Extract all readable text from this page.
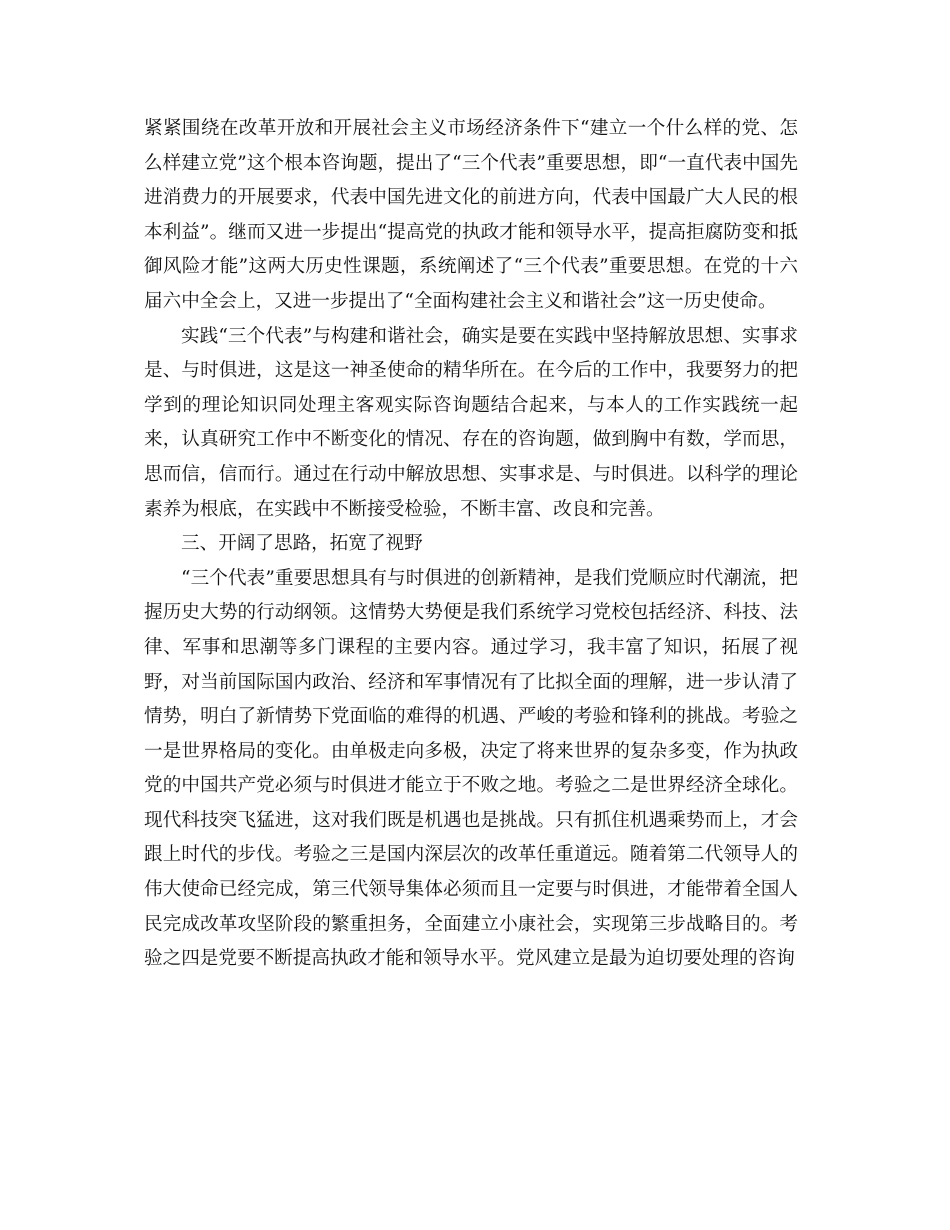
紧紧围绕在改革开放和开展社会主义市场经济条件下“建立一个什么样的党、怎么样建立党”这个根本咨询题，提出了“三个代表”重要思想，即“一直代表中国先进消费力的开展要求，代表中国先进文化的前进方向，代表中国最广大人民的根本利益”。继而又进一步提出“提高党的执政才能和领导水平，提高拒腐防变和抵御风险才能”这两大历史性课题，系统阐述了“三个代表”重要思想。在党的十六届六中全会上，又进一步提出了“全面构建社会主义和谐社会”这一历史使命。

实践“三个代表”与构建和谐社会，确实是要在实践中坚持解放思想、实事求是、与时俱进，这是这一神圣使命的精华所在。在今后的工作中，我要努力的把学到的理论知识同处理主客观实际咨询题结合起来，与本人的工作实践统一起来，认真研究工作中不断变化的情况、存在的咨询题，做到胸中有数，学而思，思而信，信而行。通过在行动中解放思想、实事求是、与时俱进。以科学的理论素养为根底，在实践中不断接受检验，不断丰富、改良和完善。

三、开阔了思路，拓宽了视野

“三个代表”重要思想具有与时俱进的创新精神，是我们党顺应时代潮流，把握历史大势的行动纲领。这情势大势便是我们系统学习党校包括经济、科技、法律、军事和思潮等多门课程的主要内容。通过学习，我丰富了知识，拓展了视野，对当前国际国内政治、经济和军事情况有了比拟全面的理解，进一步认清了情势，明白了新情势下党面临的难得的机遇、严峻的考验和锋利的挑战。考验之一是世界格局的变化。由单极走向多极，决定了将来世界的复杂多变，作为执政党的中国共产党必须与时俱进才能立于不败之地。考验之二是世界经济全球化。现代科技突飞猛进，这对我们既是机遇也是挑战。只有抓住机遇乘势而上，才会跟上时代的步伐。考验之三是国内深层次的改革任重道远。随着第二代领导人的伟大使命已经完成，第三代领导集体必须而且一定要与时俱进，才能带着全国人民完成改革攻坚阶段的繁重担务，全面建立小康社会，实现第三步战略目的。考验之四是党要不断提高执政才能和领导水平。党风建立是最为迫切要处理的咨询
